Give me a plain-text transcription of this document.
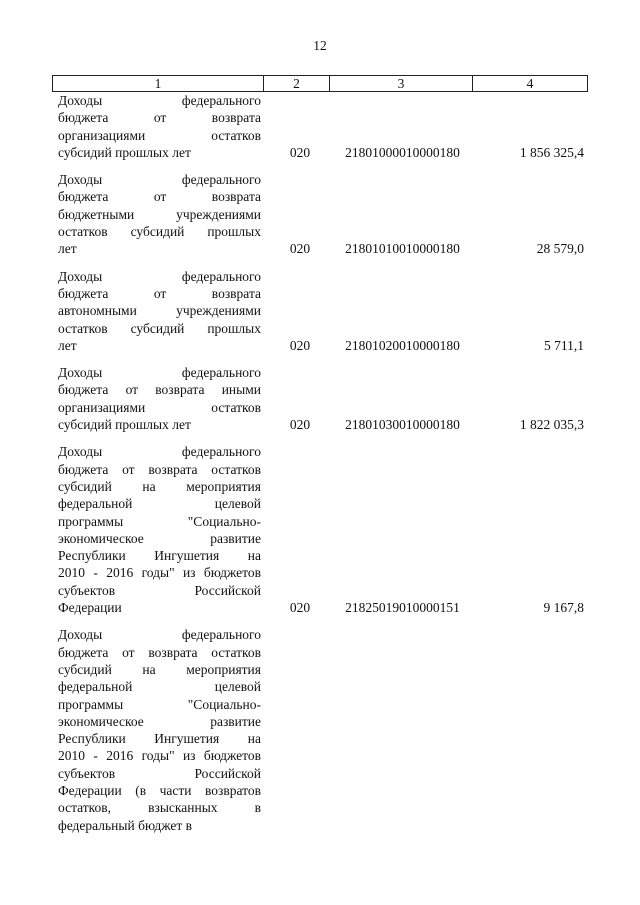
12
1	2	3	4
Доходы федерального
бюджета от возврата
организациями остатков
субсидий прошлых лет	020	21801000010000180	1 856 325,4
Доходы федерального
бюджета от возврата
бюджетными учреждениями
остатков субсидий прошлых
лет	020	21801010010000180	28 579,0
Доходы федерального
бюджета от возврата
автономными учреждениями
остатков субсидий прошлых
лет	020	21801020010000180	5 711,1
Доходы федерального
бюджета от возврата иными
организациями остатков
субсидий прошлых лет	020	21801030010000180	1 822 035,3
Доходы федерального
бюджета от возврата остатков
субсидий на мероприятия
федеральной целевой
программы "Социально-
экономическое развитие
Республики Ингушетия на
2010 - 2016 годы" из бюджетов
субъектов Российской
Федерации	020	21825019010000151	9 167,8
Доходы федерального
бюджета от возврата остатков
субсидий на мероприятия
федеральной целевой
программы "Социально-
экономическое развитие
Республики Ингушетия на
2010 - 2016 годы" из бюджетов
субъектов Российской
Федерации (в части возвратов
остатков, взысканных в
федеральный бюджет в
